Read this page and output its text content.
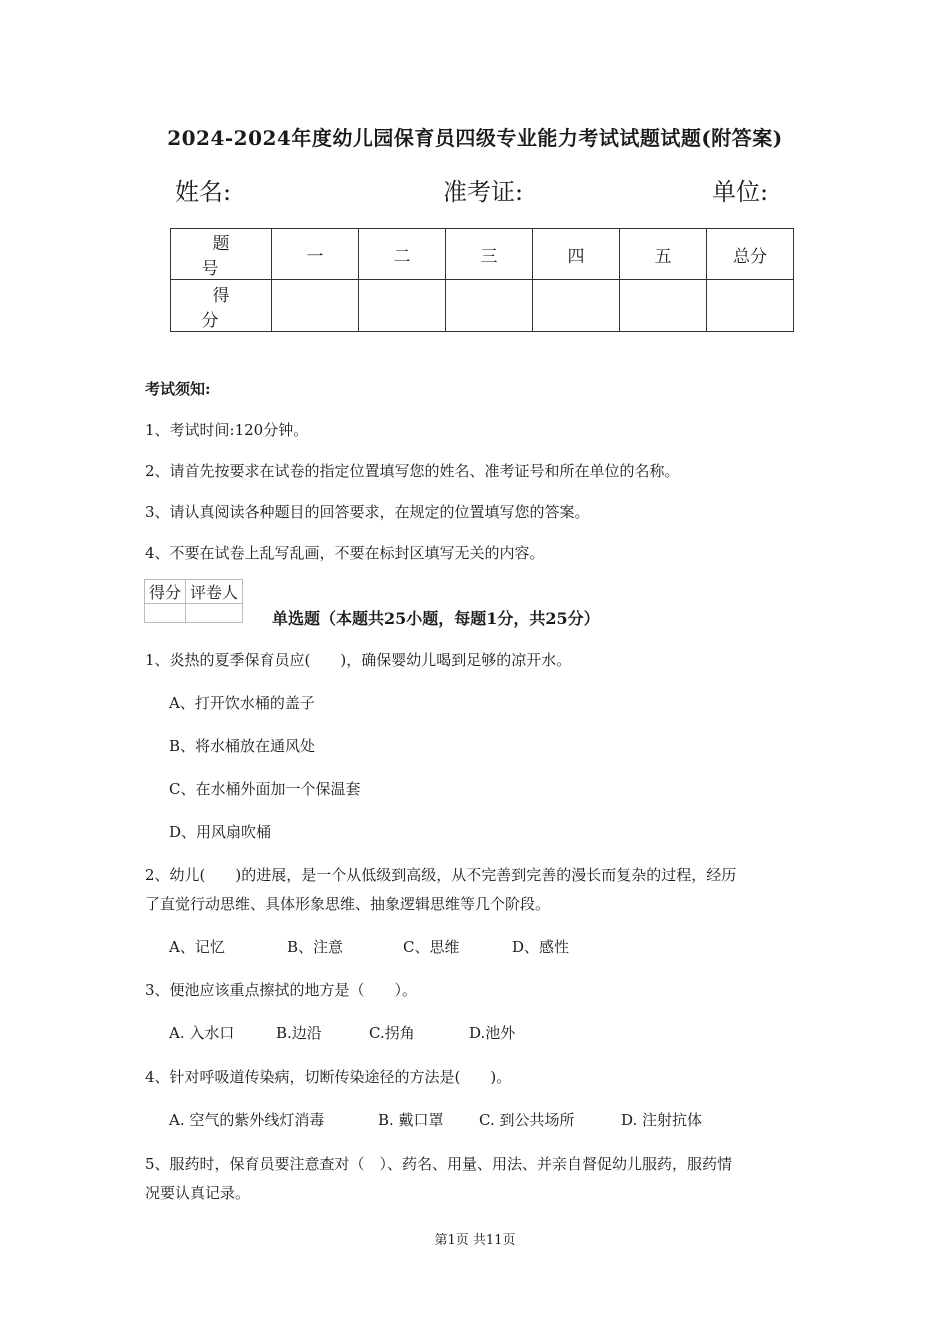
2024-2024年度幼儿园保育员四级专业能力考试试题试题(附答案)
姓名:	准考证:	单位:
题　号	一	二	三	四	五	总分
得　分						
考试须知:
1、考试时间:120分钟。
2、请首先按要求在试卷的指定位置填写您的姓名、准考证号和所在单位的名称。
3、请认真阅读各种题目的回答要求，在规定的位置填写您的答案。
4、不要在试卷上乱写乱画，不要在标封区填写无关的内容。
得分	评卷人

单选题（本题共25小题，每题1分，共25分）
1、炎热的夏季保育员应(　　)，确保婴幼儿喝到足够的凉开水。
A、打开饮水桶的盖子
B、将水桶放在通风处
C、在水桶外面加一个保温套
D、用风扇吹桶
2、幼儿(　　)的进展，是一个从低级到高级，从不完善到完善的漫长而复杂的过程，经历
了直觉行动思维、具体形象思维、抽象逻辑思维等几个阶段。
A、记忆	B、注意	C、思维	D、感性
3、便池应该重点擦拭的地方是（　　）。
A. 入水口	B.边沿	C.拐角	D.池外
4、针对呼吸道传染病，切断传染途径的方法是(　　)。
A. 空气的紫外线灯消毒	B. 戴口罩 C. 到公共场所	D. 注射抗体
5、服药时，保育员要注意查对（　）、药名、用量、用法、并亲自督促幼儿服药，服药情
况要认真记录。
第1页 共11页
